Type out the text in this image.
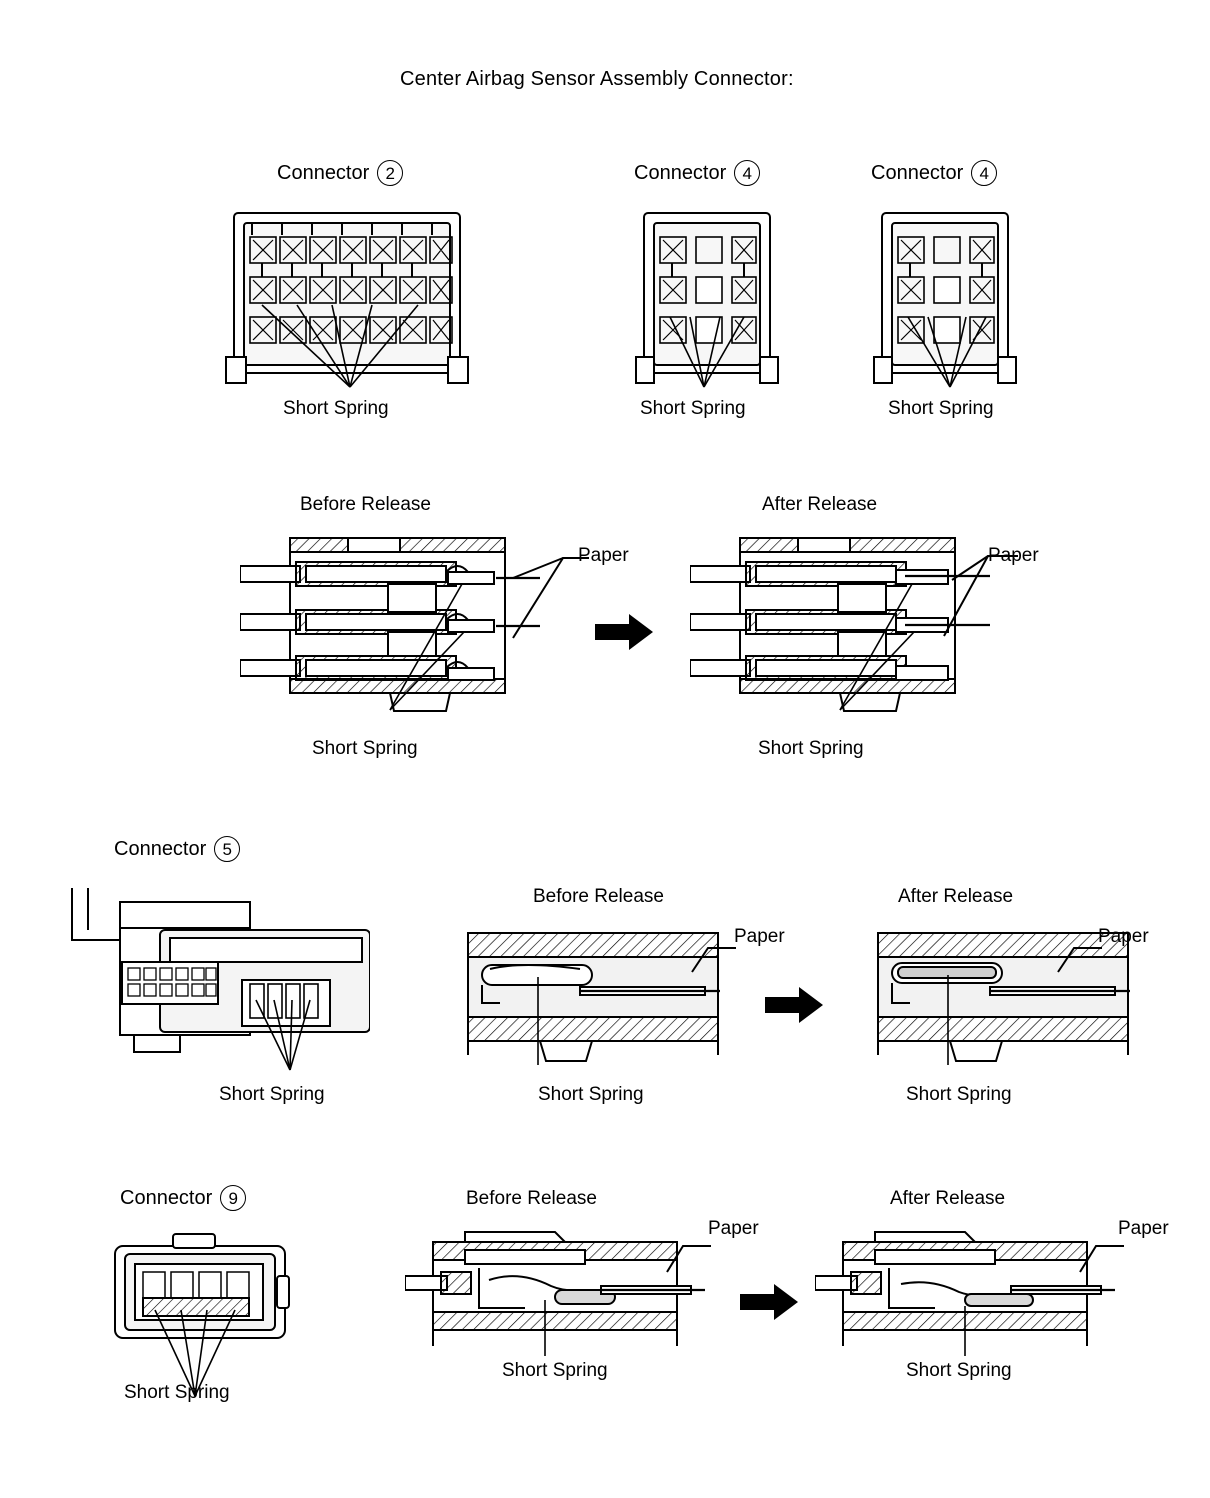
Center Airbag Sensor Assembly Connector:
Connector 2
Short Spring
Connector 4
Short Spring
Connector 4
Short Spring
Before Release	After Release
Paper
Short Spring
Paper
Short Spring
Connector 5
Short Spring
Before Release	After Release
Paper
Short Spring
Paper
Short Spring
Connector 9
Short Spring
Before Release	After Release
Paper
Short Spring
Paper
Short Spring
